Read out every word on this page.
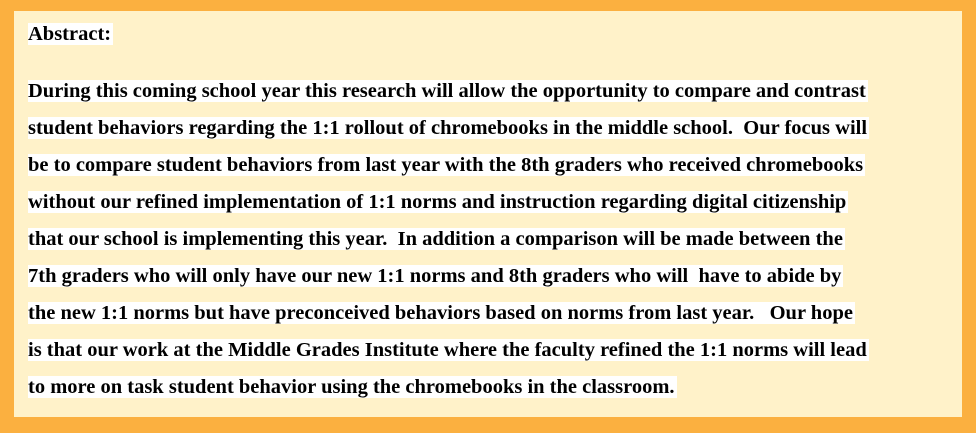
Abstract:
During this coming school year this research will allow the opportunity to compare and contrast
student behaviors regarding the 1:1 rollout of chromebooks in the middle school.  Our focus will
be to compare student behaviors from last year with the 8th graders who received chromebooks
without our refined implementation of 1:1 norms and instruction regarding digital citizenship
that our school is implementing this year.  In addition a comparison will be made between the
7th graders who will only have our new 1:1 norms and 8th graders who will  have to abide by
the new 1:1 norms but have preconceived behaviors based on norms from last year.   Our hope
is that our work at the Middle Grades Institute where the faculty refined the 1:1 norms will lead
to more on task student behavior using the chromebooks in the classroom.
